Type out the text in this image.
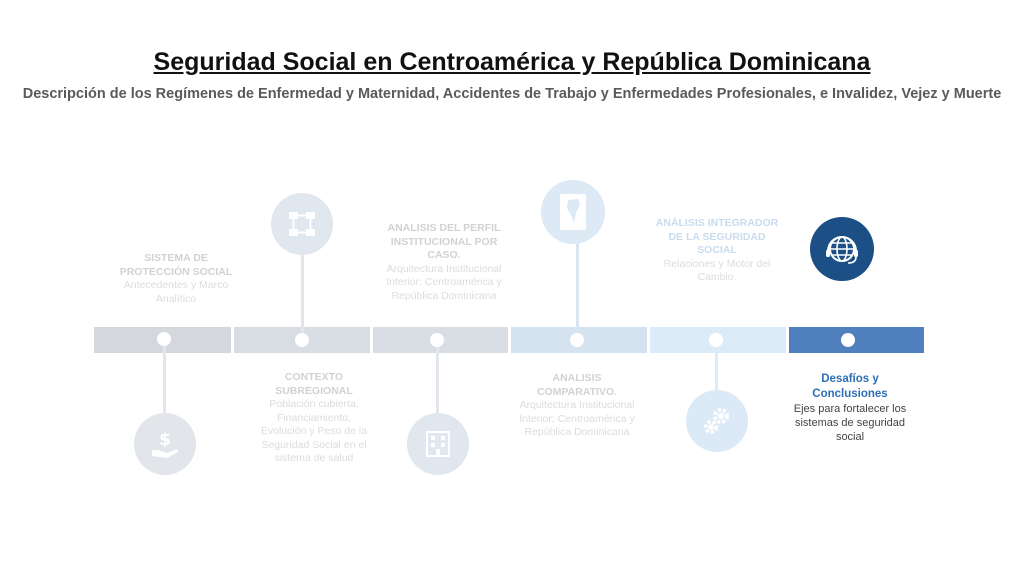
Seguridad Social en Centroamérica y República Dominicana
Descripción de los Regímenes de Enfermedad y Maternidad, Accidentes de Trabajo y Enfermedades Profesionales, e Invalidez, Vejez y Muerte
$
SISTEMA DE PROTECCIÓN SOCIAL
Antecedentes y Marco Analítico
CONTEXTO SUBREGIONAL
Población cubierta, Financiamiento, Evolución y Peso de la Seguridad Social en el sistema de salud
ANALISIS DEL PERFIL INSTITUCIONAL POR CASO.
Arquitectura Institucional Interior: Centroamérica y República Dominicana
ANALISIS COMPARATIVO.
Arquitectura Institucional Interior: Centroamérica y República Dominicana
ANÁLISIS INTEGRADOR DE LA SEGURIDAD SOCIAL
Relaciones y Motor del Cambio.
Desafíos y Conclusiones
Ejes para fortalecer los sistemas de seguridad social
